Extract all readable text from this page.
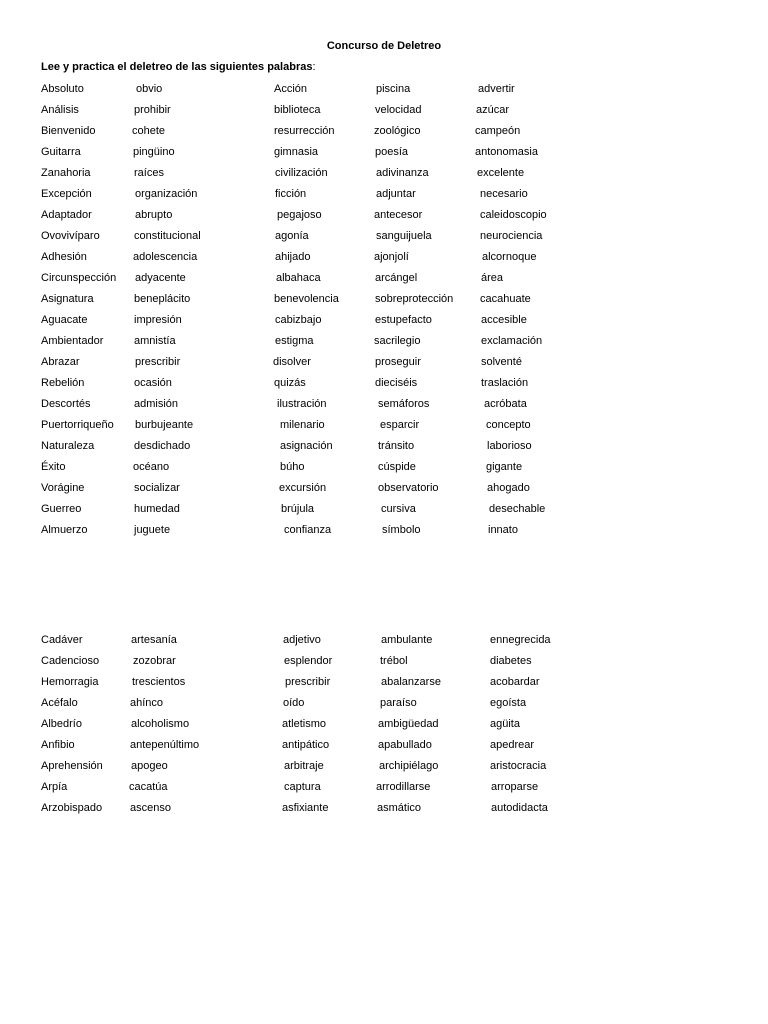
Concurso de Deletreo
Lee y practica el deletreo de las siguientes palabras:
Absoluto	obvio	Acción	piscina	advertir
Análisis	prohibir	biblioteca	velocidad	azúcar
Bienvenido	cohete	resurrección	zoológico	campeón
Guitarra	pingüino	gimnasia	poesía	antonomasia
Zanahoria	raíces	civilización	adivinanza	excelente
Excepción	organización	ficción	adjuntar	necesario
Adaptador	abrupto	pegajoso	antecesor	caleidoscopio
Ovovivíparo	constitucional	agonía	sanguijuela	neurociencia
Adhesión	adolescencia	ahijado	ajonjolí	alcornoque
Circunspección adyacente	albahaca	arcángel	área
Asignatura	beneplácito	benevolencia	sobreprotección cacahuate
Aguacate	impresión	cabizbajo	estupefacto	accesible
Ambientador	amnistía	estigma	sacrilegio	exclamación
Abrazar	prescribir	disolver	proseguir	solventé
Rebelión	ocasión	quizás	dieciséis	traslación
Descortés	admisión	ilustración	semáforos	acróbata
Puertorriqueño burbujeante	milenario	esparcir	concepto
Naturaleza	desdichado	asignación	tránsito	laborioso
Éxito	océano	búho	cúspide	gigante
Vorágine	socializar	excursión	observatorio	ahogado
Guerreo	humedad	brújula	cursiva	desechable
Almuerzo	juguete	confianza	símbolo	innato
Cadáver	artesanía	adjetivo	ambulante	ennegrecida
Cadencioso	zozobrar	esplendor	trébol	diabetes
Hemorragia	trescientos	prescribir	abalanzarse	acobardar
Acéfalo	ahínco	oído	paraíso	egoísta
Albedrío	alcoholismo	atletismo	ambigüedad	agüita
Anfibio	antepenúltimo	antipático	apabullado	apedrear
Aprehensión	apogeo	arbitraje	archipiélago	aristocracia
Arpía	cacatúa	captura	arrodillarse	arroparse
Arzobispado	ascenso	asfixiante	asmático	autodidacta
